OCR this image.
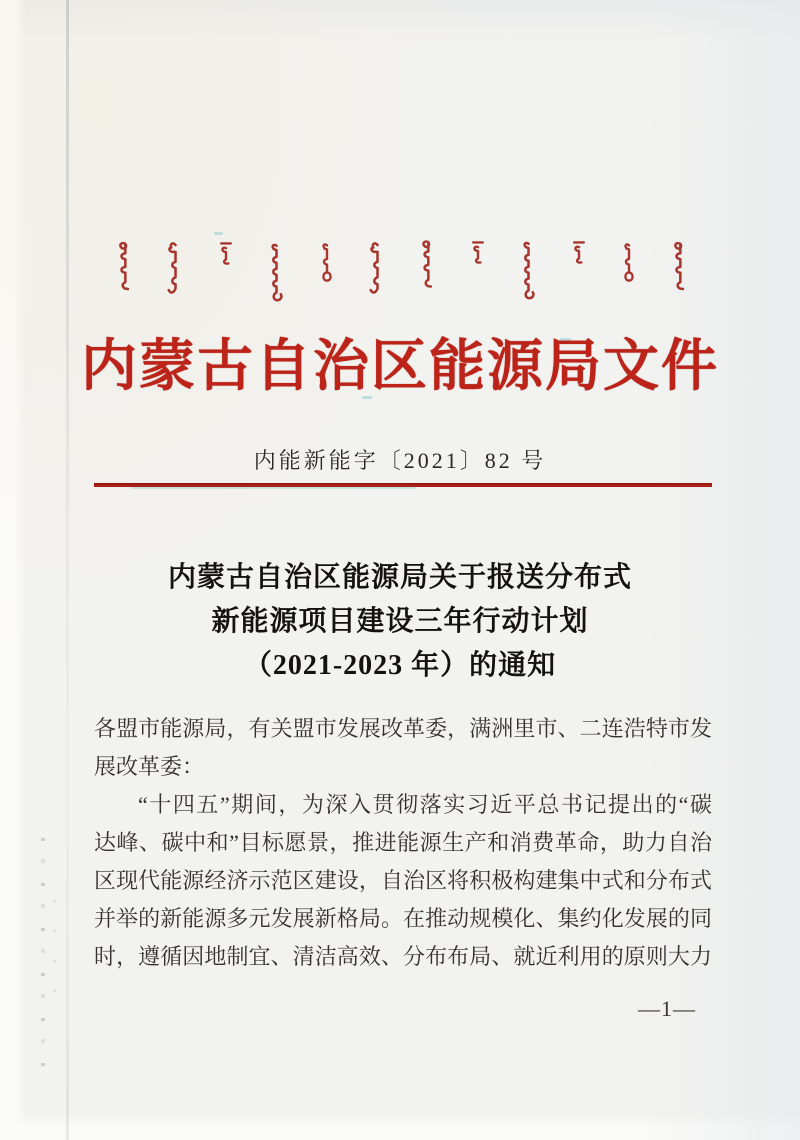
内蒙古自治区能源局文件
内能新能字〔2021〕82 号
内蒙古自治区能源局关于报送分布式
新能源项目建设三年行动计划
（2021-2023 年）的通知
各盟市能源局，有关盟市发展改革委，满洲里市、二连浩特市发
展改革委：
“十四五”期间，为深入贯彻落实习近平总书记提出的“碳
达峰、碳中和”目标愿景，推进能源生产和消费革命，助力自治
区现代能源经济示范区建设，自治区将积极构建集中式和分布式
并举的新能源多元发展新格局。在推动规模化、集约化发展的同
时，遵循因地制宜、清洁高效、分布布局、就近利用的原则大力
—1—
